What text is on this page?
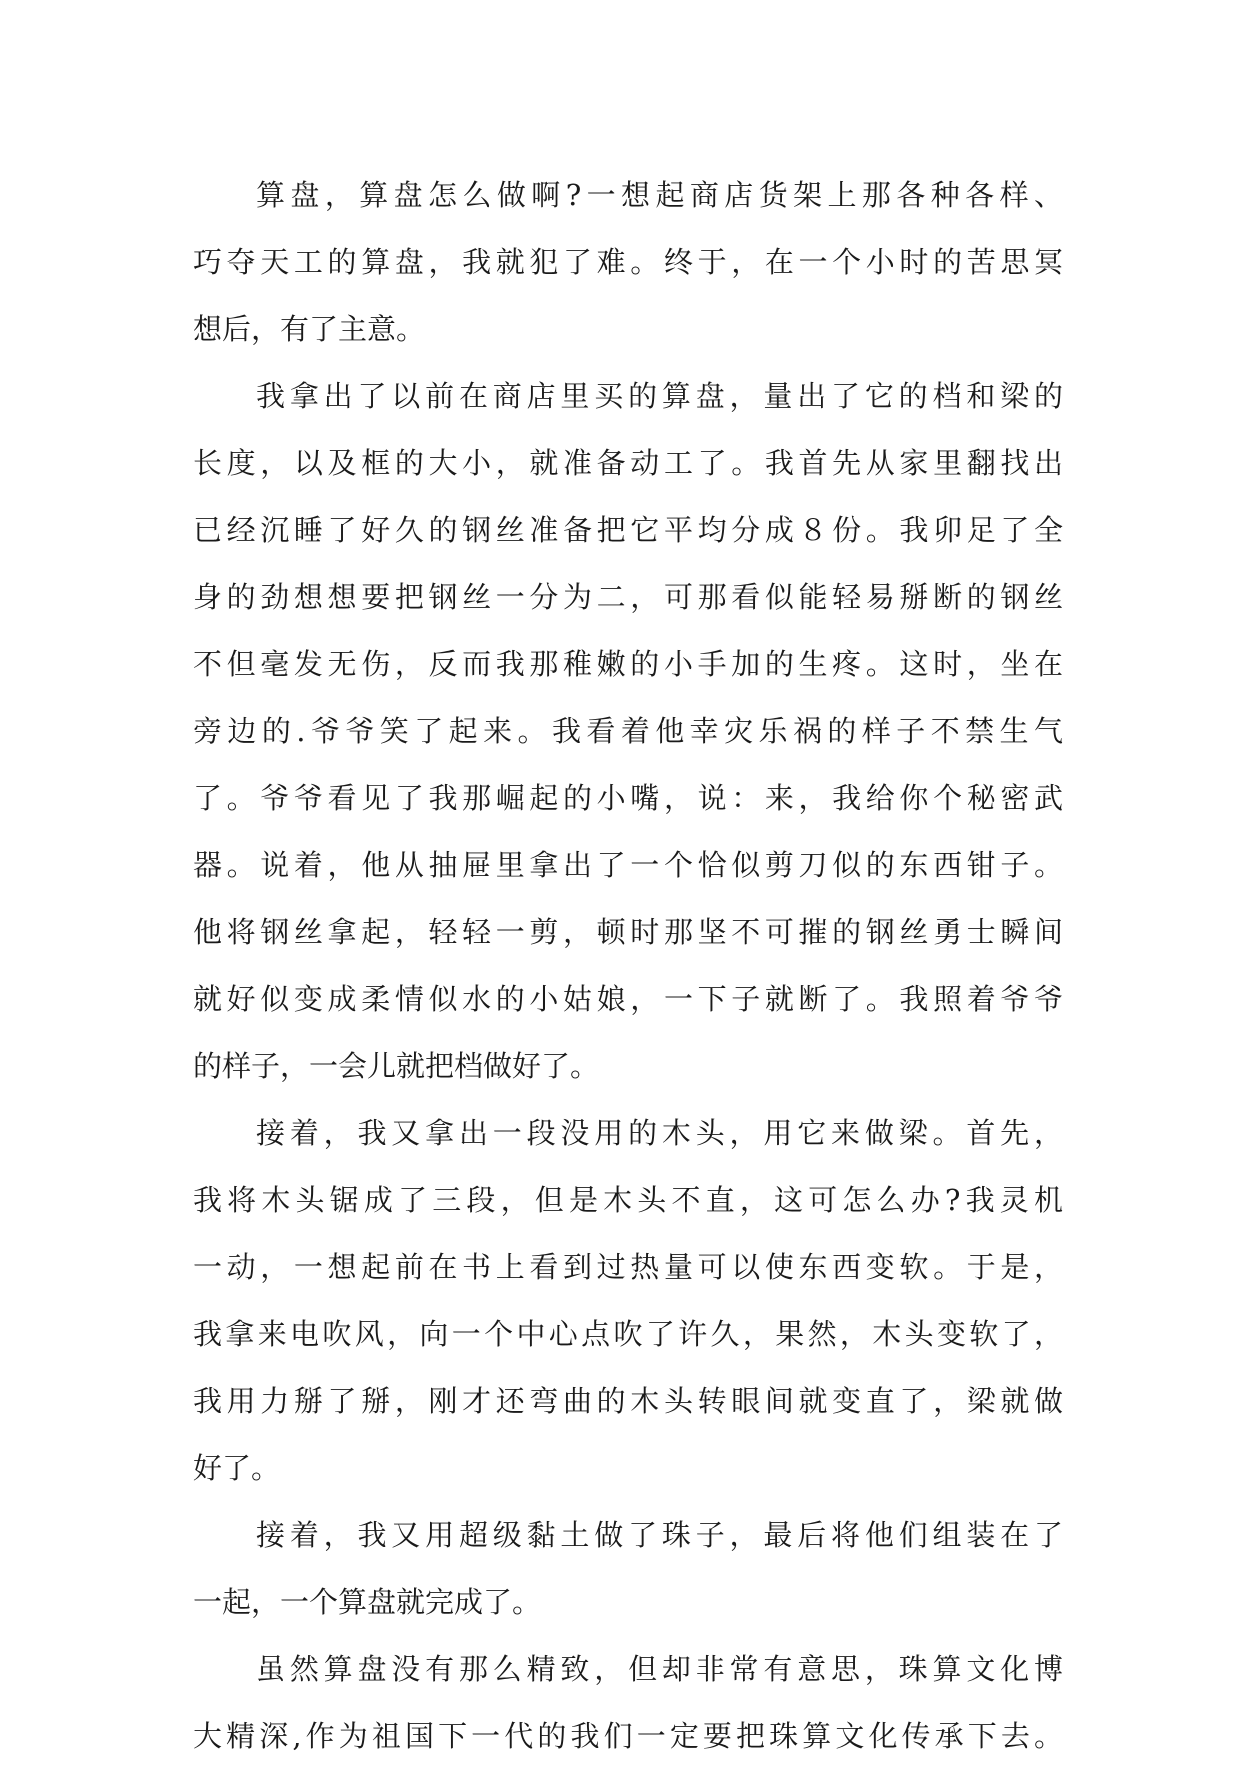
算盘，算盘怎么做啊?一想起商店货架上那各种各样、
巧夺天工的算盘，我就犯了难。终于，在一个小时的苦思冥
想后，有了主意。
我拿出了以前在商店里买的算盘，量出了它的档和梁的
长度，以及框的大小，就准备动工了。我首先从家里翻找出
已经沉睡了好久的钢丝准备把它平均分成８份。我卯足了全
身的劲想想要把钢丝一分为二，可那看似能轻易掰断的钢丝
不但毫发无伤，反而我那稚嫩的小手加的生疼。这时，坐在
旁边的.爷爷笑了起来。我看着他幸灾乐祸的样子不禁生气
了。爷爷看见了我那崛起的小嘴，说：来，我给你个秘密武
器。说着，他从抽屉里拿出了一个恰似剪刀似的东西钳子。
他将钢丝拿起，轻轻一剪，顿时那坚不可摧的钢丝勇士瞬间
就好似变成柔情似水的小姑娘，一下子就断了。我照着爷爷
的样子，一会儿就把档做好了。
接着，我又拿出一段没用的木头，用它来做梁。首先，
我将木头锯成了三段，但是木头不直，这可怎么办?我灵机
一动，一想起前在书上看到过热量可以使东西变软。于是，
我拿来电吹风，向一个中心点吹了许久，果然，木头变软了，
我用力掰了掰，刚才还弯曲的木头转眼间就变直了，梁就做
好了。
接着，我又用超级黏土做了珠子，最后将他们组装在了
一起，一个算盘就完成了。
虽然算盘没有那么精致，但却非常有意思，珠算文化博
大精深,作为祖国下一代的我们一定要把珠算文化传承下去。
